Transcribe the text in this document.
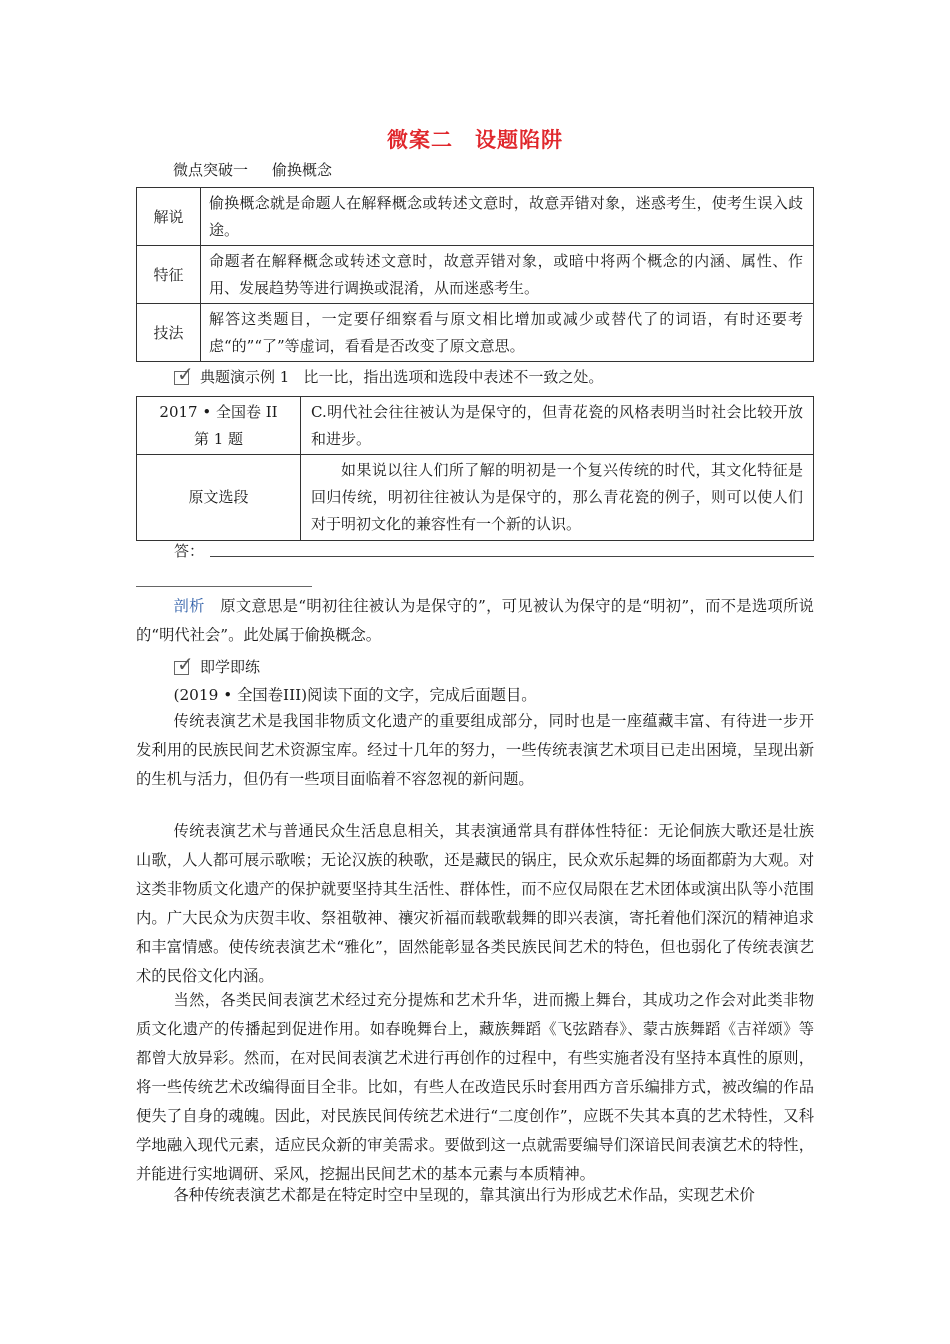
微案二 设题陷阱
微点突破一 偷换概念
解说	偷换概念就是命题人在解释概念或转述文意时，故意弄错对象，迷惑考生，使考生误入歧途。
特征	命题者在解释概念或转述文意时，故意弄错对象，或暗中将两个概念的内涵、属性、作用、发展趋势等进行调换或混淆，从而迷惑考生。
技法	解答这类题目，一定要仔细察看与原文相比增加或减少或替代了的词语，有时还要考虑“的”“了”等虚词，看看是否改变了原文意思。
✓ 典题演示例 1 比一比，指出选项和选段中表述不一致之处。
2017 • 全国卷 II 第 1 题	C.明代社会往往被认为是保守的，但青花瓷的风格表明当时社会比较开放和进步。
原文选段	如果说以往人们所了解的明初是一个复兴传统的时代，其文化特征是回归传统，明初往往被认为是保守的，那么青花瓷的例子，则可以使人们对于明初文化的兼容性有一个新的认识。
答：
剖析　 原文意思是“明初往往被认为是保守的”，可见被认为保守的是“明初”，而不是选项所说的“明代社会”。此处属于偷换概念。
✓ 即学即练
(2019 • 全国卷III)阅读下面的文字，完成后面题目。
传统表演艺术是我国非物质文化遗产的重要组成部分，同时也是一座蕴藏丰富、有待进一步开发利用的民族民间艺术资源宝库。经过十几年的努力，一些传统表演艺术项目已走出困境，呈现出新的生机与活力，但仍有一些项目面临着不容忽视的新问题。
传统表演艺术与普通民众生活息息相关，其表演通常具有群体性特征：无论侗族大歌还是壮族山歌，人人都可展示歌喉；无论汉族的秧歌，还是藏民的锅庄，民众欢乐起舞的场面都蔚为大观。对这类非物质文化遗产的保护就要坚持其生活性、群体性，而不应仅局限在艺术团体或演出队等小范围内。广大民众为庆贺丰收、祭祖敬神、禳灾祈福而载歌载舞的即兴表演，寄托着他们深沉的精神追求和丰富情感。使传统表演艺术“雅化”，固然能彰显各类民族民间艺术的特色，但也弱化了传统表演艺术的民俗文化内涵。
当然，各类民间表演艺术经过充分提炼和艺术升华，进而搬上舞台，其成功之作会对此类非物质文化遗产的传播起到促进作用。如春晚舞台上，藏族舞蹈《飞弦踏春》、蒙古族舞蹈《吉祥颂》等都曾大放异彩。然而，在对民间表演艺术进行再创作的过程中，有些实施者没有坚持本真性的原则，将一些传统艺术改编得面目全非。比如，有些人在改造民乐时套用西方音乐编排方式，被改编的作品便失了自身的魂魄。因此，对民族民间传统艺术进行“二度创作”，应既不失其本真的艺术特性，又科学地融入现代元素，适应民众新的审美需求。要做到这一点就需要编导们深谙民间表演艺术的特性，并能进行实地调研、采风，挖掘出民间艺术的基本元素与本质精神。
各种传统表演艺术都是在特定时空中呈现的，靠其演出行为形成艺术作品，实现艺术价
